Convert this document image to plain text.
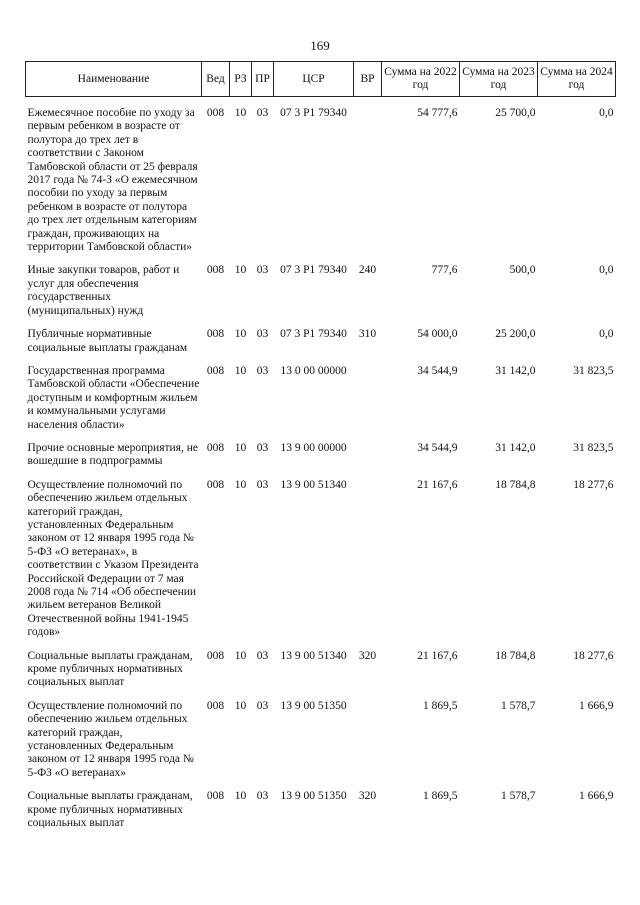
169
Наименование	Вед	РЗ	ПР	ЦСР	ВР	Сумма на 2022 год	Сумма на 2023 год	Сумма на 2024 год

Ежемесячное пособие по уходу за первым ребенком в возрасте от полутора до трех лет в соответствии с Законом Тамбовской области от 25 февраля 2017 года № 74-З «О ежемесячном пособии по уходу за первым ребенком в возрасте от полутора до трех лет отдельным категориям граждан, проживающих на территории Тамбовской области»	008	10	03	07 3 Р1 79340		54 777,6	25 700,0	0,0

Иные закупки товаров, работ и услуг для обеспечения государственных (муниципальных) нужд	008	10	03	07 3 Р1 79340	240	777,6	500,0	0,0

Публичные нормативные социальные выплаты гражданам	008	10	03	07 3 Р1 79340	310	54 000,0	25 200,0	0,0

Государственная программа Тамбовской области «Обеспечение доступным и комфортным жильем и коммунальными услугами населения области»	008	10	03	13 0 00 00000		34 544,9	31 142,0	31 823,5

Прочие основные мероприятия, не вошедшие в подпрограммы	008	10	03	13 9 00 00000		34 544,9	31 142,0	31 823,5

Осуществление полномочий по обеспечению жильем отдельных категорий граждан, установленных Федеральным законом от 12 января 1995 года № 5-ФЗ «О ветеранах», в соответствии с Указом Президента Российской Федерации от 7 мая 2008 года № 714 «Об обеспечении жильем ветеранов Великой Отечественной войны 1941-1945 годов»	008	10	03	13 9 00 51340		21 167,6	18 784,8	18 277,6

Социальные выплаты гражданам, кроме публичных нормативных социальных выплат	008	10	03	13 9 00 51340	320	21 167,6	18 784,8	18 277,6

Осуществление полномочий по обеспечению жильем отдельных категорий граждан, установленных Федеральным законом от 12 января 1995 года № 5-ФЗ «О ветеранах»	008	10	03	13 9 00 51350		1 869,5	1 578,7	1 666,9

Социальные выплаты гражданам, кроме публичных нормативных социальных выплат	008	10	03	13 9 00 51350	320	1 869,5	1 578,7	1 666,9
